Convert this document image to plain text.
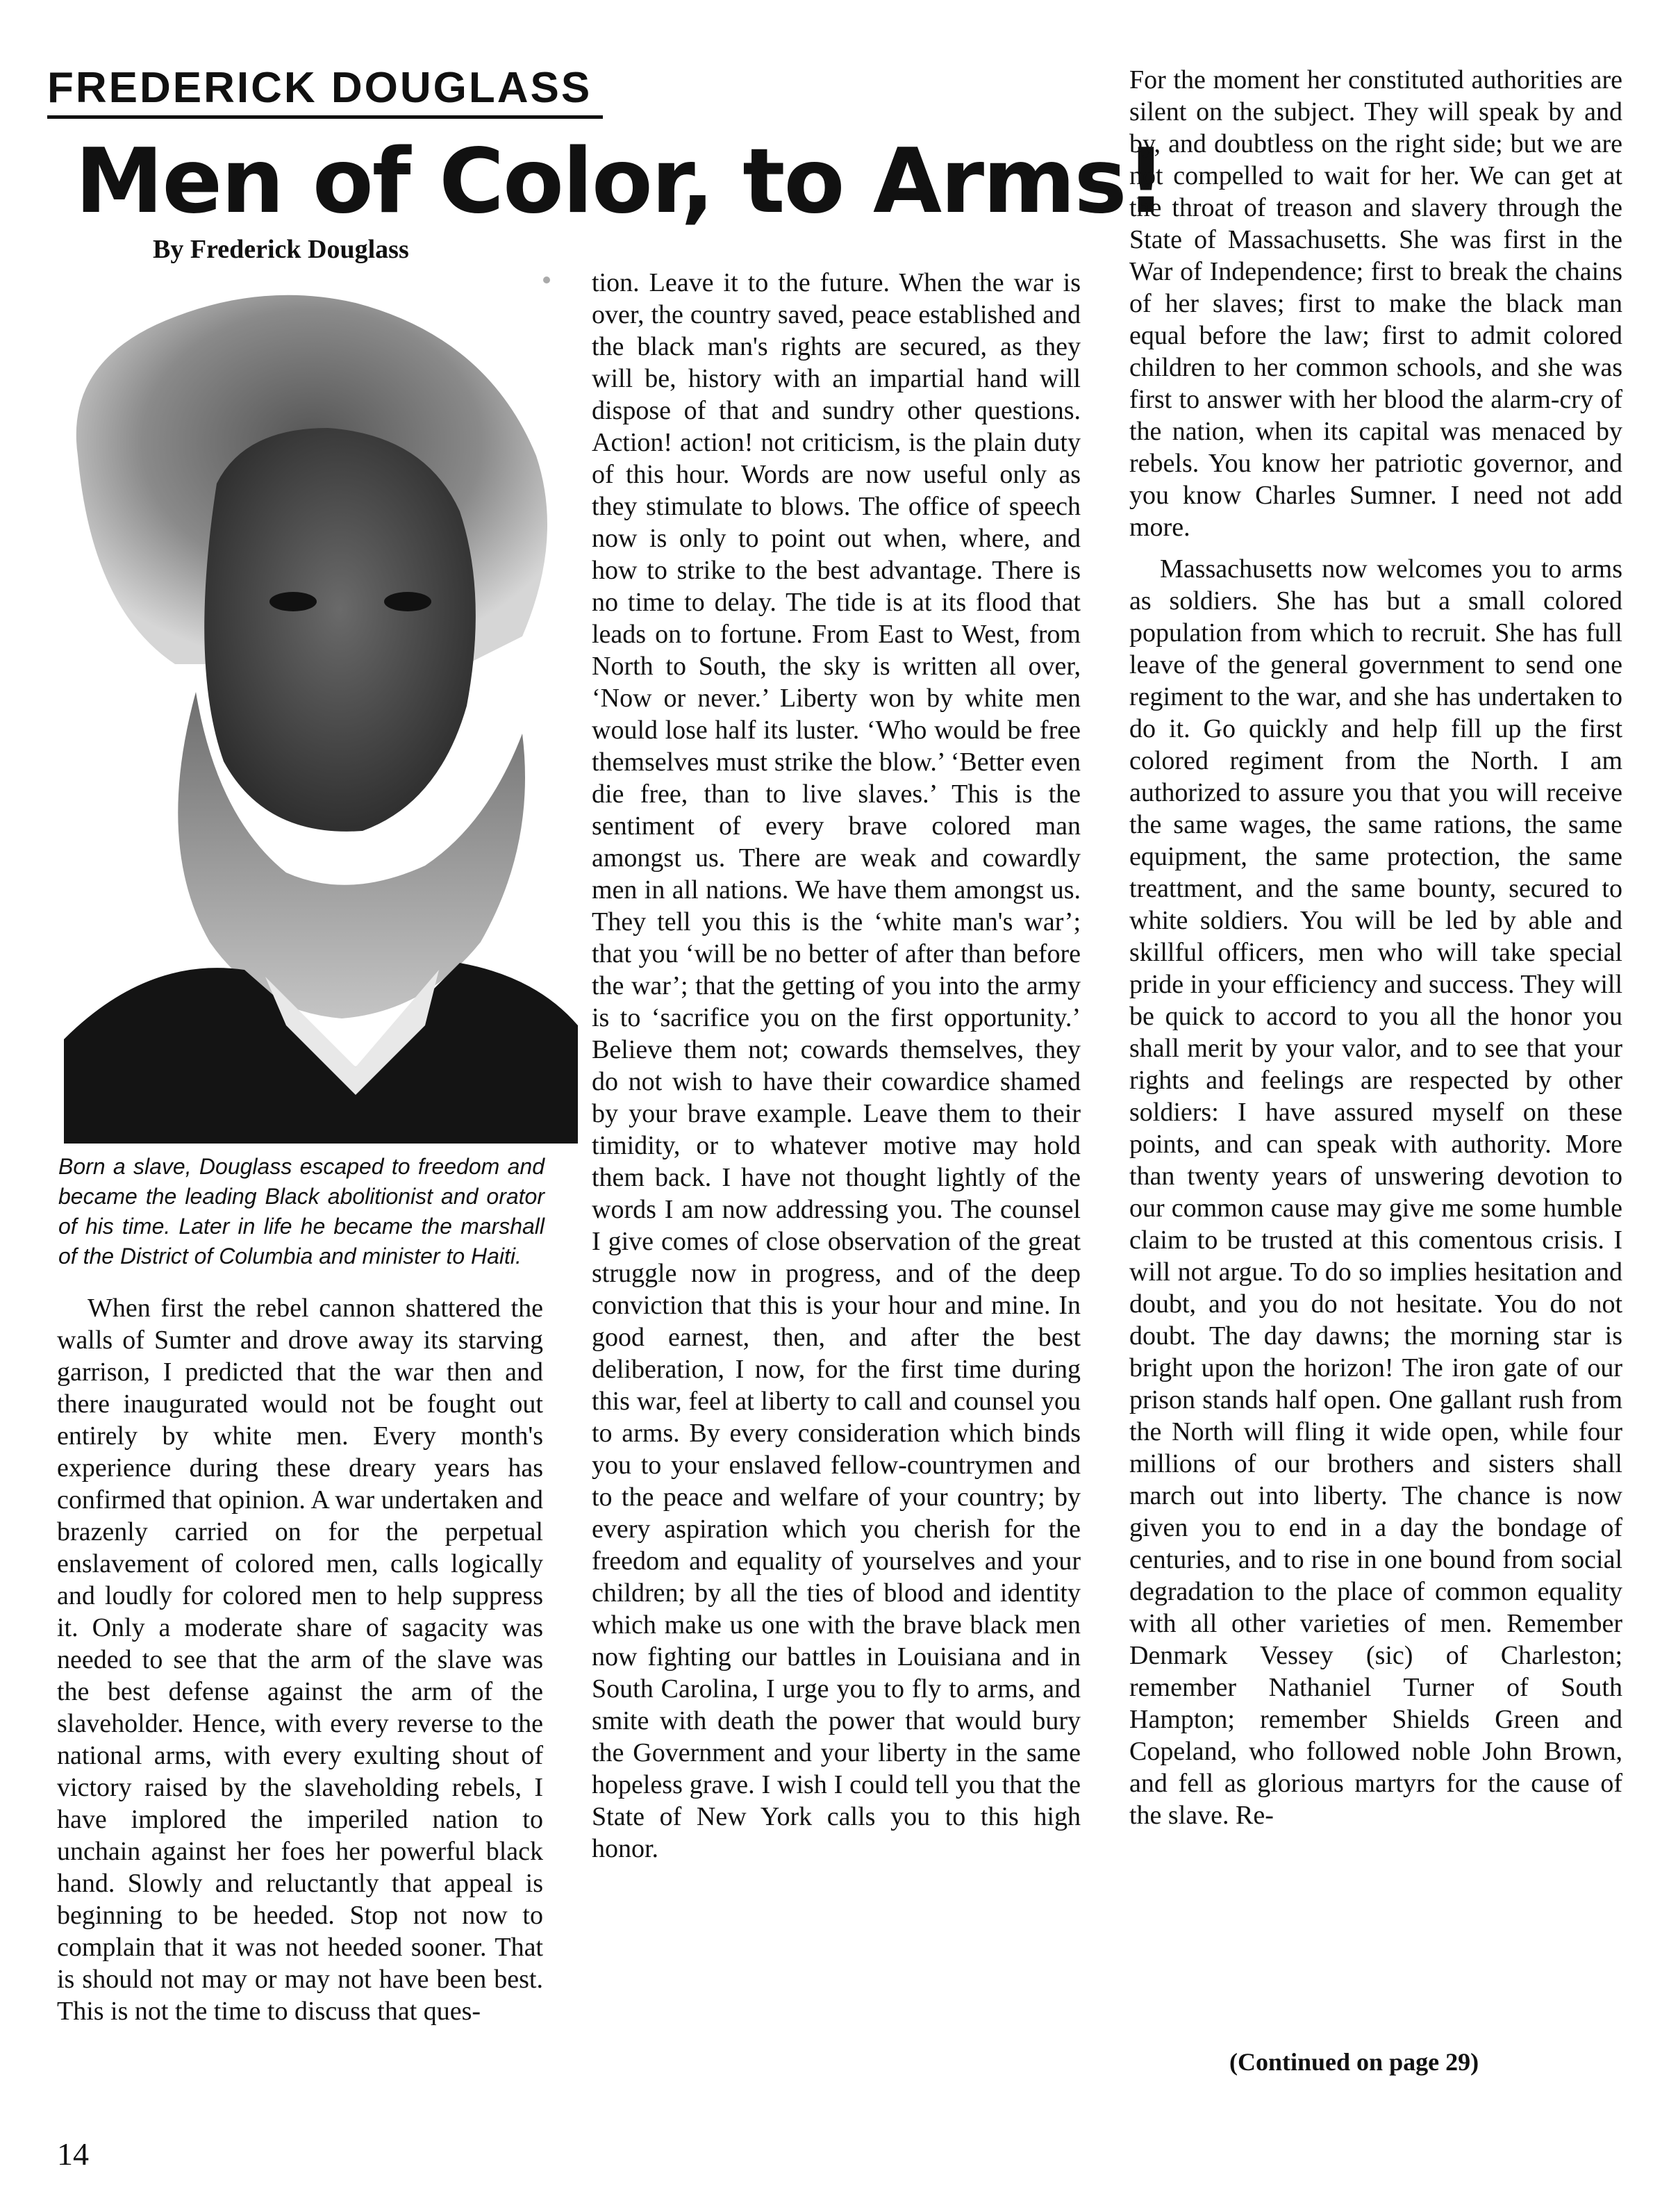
FREDERICK DOUGLASS
Men of Color, to Arms!
By Frederick Douglass

Born a slave, Douglass escaped to freedom and became the leading Black abolitionist and orator of his time. Later in life he became the marshall of the District of Columbia and minister to Haiti.

When first the rebel cannon shattered the walls of Sumter and drove away its starving garrison, I predicted that the war then and there inaugurated would not be fought out entirely by white men. Every month's experience during these dreary years has confirmed that opinion. A war undertaken and brazenly carried on for the perpetual enslavement of colored men, calls logically and loudly for colored men to help suppress it. Only a moderate share of sagacity was needed to see that the arm of the slave was the best defense against the arm of the slaveholder. Hence, with every reverse to the national arms, with every exulting shout of victory raised by the slaveholding rebels, I have implored the imperiled nation to unchain against her foes her powerful black hand. Slowly and reluctantly that appeal is beginning to be heeded. Stop not now to complain that it was not heeded sooner. That is should not may or may not have been best. This is not the time to discuss that ques-

tion. Leave it to the future. When the war is over, the country saved, peace established and the black man's rights are secured, as they will be, history with an impartial hand will dispose of that and sundry other questions. Action! action! not criticism, is the plain duty of this hour. Words are now useful only as they stimulate to blows. The office of speech now is only to point out when, where, and how to strike to the best advantage. There is no time to delay. The tide is at its flood that leads on to fortune. From East to West, from North to South, the sky is written all over, ‘Now or never.’ Liberty won by white men would lose half its luster. ‘Who would be free themselves must strike the blow.’ ‘Better even die free, than to live slaves.’ This is the sentiment of every brave colored man amongst us. There are weak and cowardly men in all nations. We have them amongst us. They tell you this is the ‘white man's war’; that you ‘will be no better of after than before the war’; that the getting of you into the army is to ‘sacrifice you on the first opportunity.’ Believe them not; cowards themselves, they do not wish to have their cowardice shamed by your brave example. Leave them to their timidity, or to whatever motive may hold them back. I have not thought lightly of the words I am now addressing you. The counsel I give comes of close observation of the great struggle now in progress, and of the deep conviction that this is your hour and mine. In good earnest, then, and after the best deliberation, I now, for the first time during this war, feel at liberty to call and counsel you to arms. By every consideration which binds you to your enslaved fellow-countrymen and to the peace and welfare of your country; by every aspiration which you cherish for the freedom and equality of yourselves and your children; by all the ties of blood and identity which make us one with the brave black men now fighting our battles in Louisiana and in South Carolina, I urge you to fly to arms, and smite with death the power that would bury the Government and your liberty in the same hopeless grave. I wish I could tell you that the State of New York calls you to this high honor.

For the moment her constituted authorities are silent on the subject. They will speak by and by, and doubtless on the right side; but we are not compelled to wait for her. We can get at the throat of treason and slavery through the State of Massachusetts. She was first in the War of Independence; first to break the chains of her slaves; first to make the black man equal before the law; first to admit colored children to her common schools, and she was first to answer with her blood the alarm-cry of the nation, when its capital was menaced by rebels. You know her patriotic governor, and you know Charles Sumner. I need not add more.

Massachusetts now welcomes you to arms as soldiers. She has but a small colored population from which to recruit. She has full leave of the general government to send one regiment to the war, and she has undertaken to do it. Go quickly and help fill up the first colored regiment from the North. I am authorized to assure you that you will receive the same wages, the same rations, the same equipment, the same protection, the same treattment, and the same bounty, secured to white soldiers. You will be led by able and skillful officers, men who will take special pride in your efficiency and success. They will be quick to accord to you all the honor you shall merit by your valor, and to see that your rights and feelings are respected by other soldiers: I have assured myself on these points, and can speak with authority. More than twenty years of unswering devotion to our common cause may give me some humble claim to be trusted at this comentous crisis. I will not argue. To do so implies hesitation and doubt, and you do not hesitate. You do not doubt. The day dawns; the morning star is bright upon the horizon! The iron gate of our prison stands half open. One gallant rush from the North will fling it wide open, while four millions of our brothers and sisters shall march out into liberty. The chance is now given you to end in a day the bondage of centuries, and to rise in one bound from social degradation to the place of common equality with all other varieties of men. Remember Denmark Vessey (sic) of Charleston; remember Nathaniel Turner of South Hampton; remember Shields Green and Copeland, who followed noble John Brown, and fell as glorious martyrs for the cause of the slave. Re-

(Continued on page 29)
14
